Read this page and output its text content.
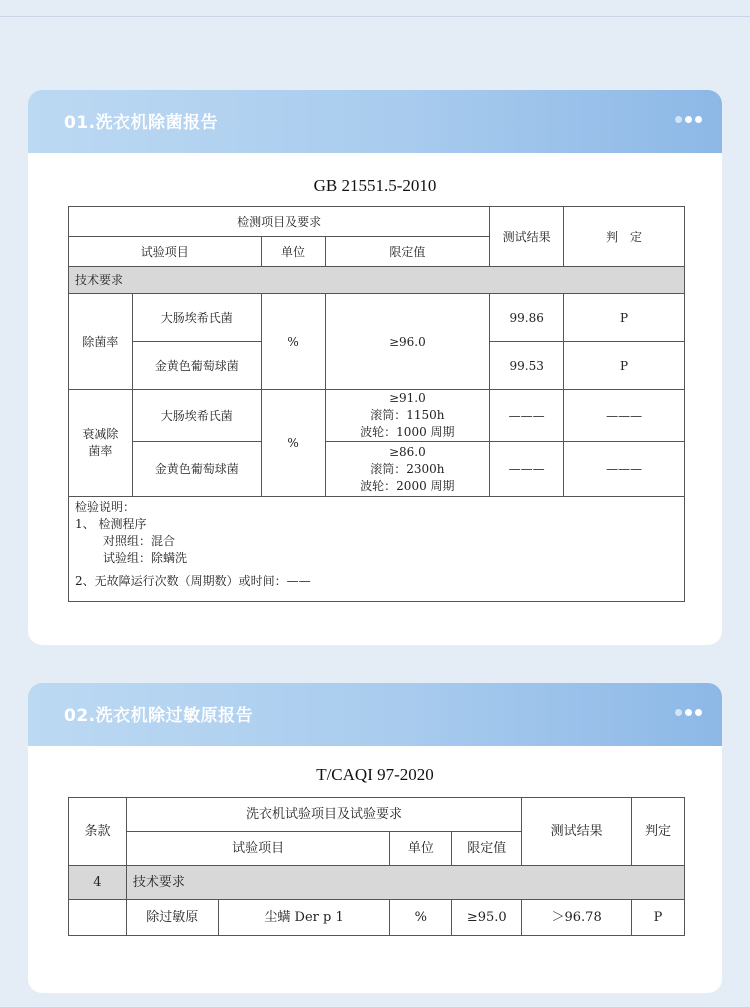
01.洗衣机除菌报告
GB 21551.5-2010
检测项目及要求				测试结果	判　定
试验项目		单位	限定值		
技术要求					
除菌率	大肠埃希氏菌	%	≥96.0	99.86	P
	金黄色葡萄球菌			99.53	P

衰减除
菌率	大肠埃希氏菌	%	≥91.0
滚筒：1150h
波轮：1000 周期	———	———
	金黄色葡萄球菌		≥86.0
滚筒：2300h
波轮：2000 周期	———	———

检验说明：
1、 检测程序
对照组：混合
试验组：除螨洗
2、无故障运行次数（周期数）或时间：——					
02.洗衣机除过敏原报告
T/CAQI 97-2020
条款	洗衣机试验项目及试验要求				测试结果	判定
	试验项目		单位	限定值		
4	技术要求					
	除过敏原	尘螨 Der p 1	%	≥95.0	＞96.78	P
